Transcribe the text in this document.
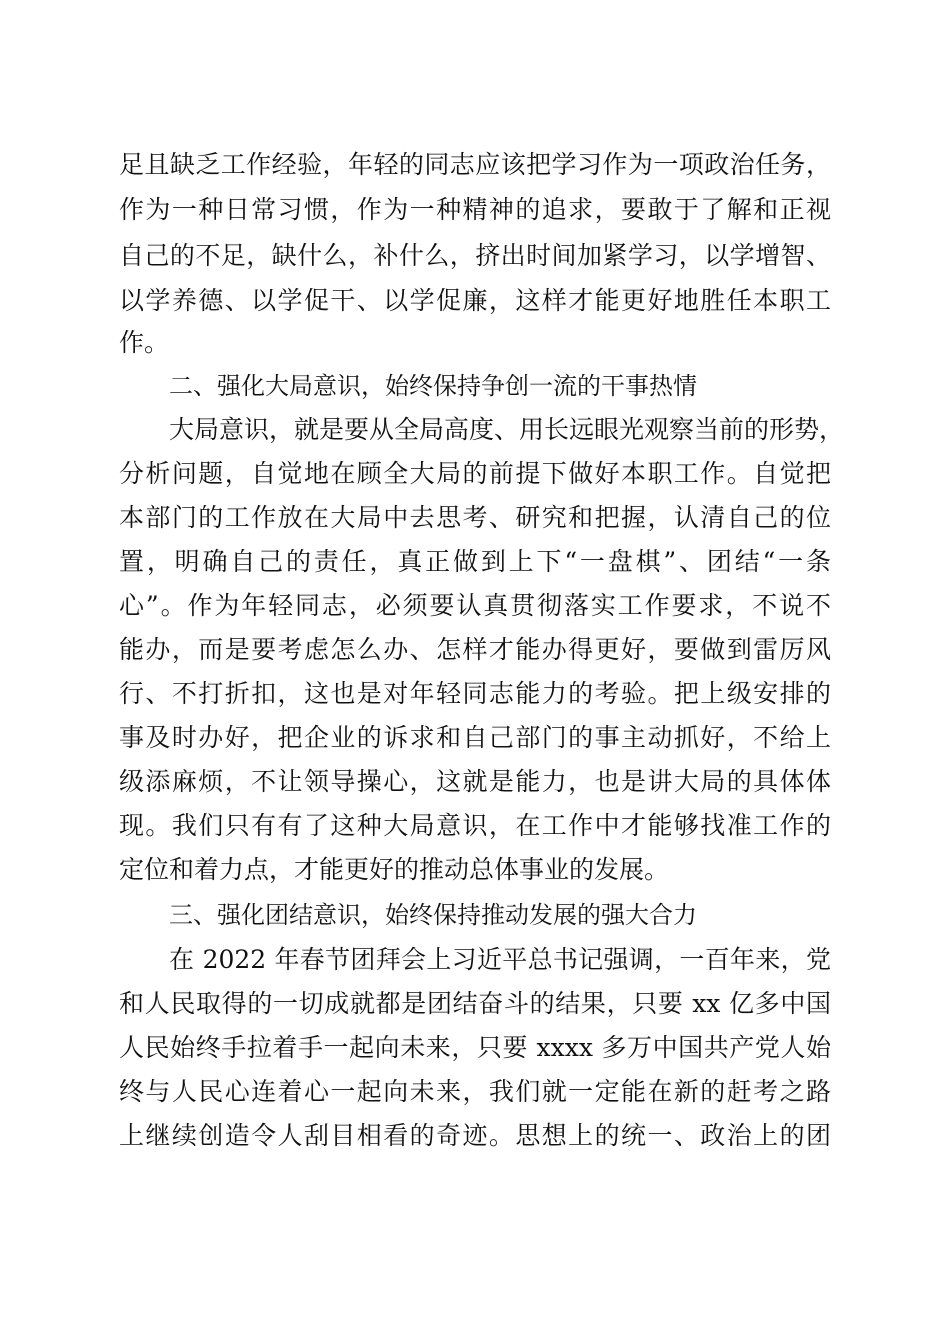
足且缺乏工作经验，年轻的同志应该把学习作为一项政治任务，
作为一种日常习惯，作为一种精神的追求，要敢于了解和正视
自己的不足，缺什么，补什么，挤出时间加紧学习，以学增智、
以学养德、以学促干、以学促廉，这样才能更好地胜任本职工
作。
二、强化大局意识，始终保持争创一流的干事热情
大局意识，就是要从全局高度、用长远眼光观察当前的形势，
分析问题，自觉地在顾全大局的前提下做好本职工作。自觉把
本部门的工作放在大局中去思考、研究和把握，认清自己的位
置，明确自己的责任，真正做到上下“一盘棋”、团结“一条
心”。作为年轻同志，必须要认真贯彻落实工作要求，不说不
能办，而是要考虑怎么办、怎样才能办得更好，要做到雷厉风
行、不打折扣，这也是对年轻同志能力的考验。把上级安排的
事及时办好，把企业的诉求和自己部门的事主动抓好，不给上
级添麻烦，不让领导操心，这就是能力，也是讲大局的具体体
现。我们只有有了这种大局意识，在工作中才能够找准工作的
定位和着力点，才能更好的推动总体事业的发展。
三、强化团结意识，始终保持推动发展的强大合力
在 2022 年春节团拜会上习近平总书记强调，一百年来，党
和人民取得的一切成就都是团结奋斗的结果，只要 xx 亿多中国
人民始终手拉着手一起向未来，只要 xxxx 多万中国共产党人始
终与人民心连着心一起向未来，我们就一定能在新的赶考之路
上继续创造令人刮目相看的奇迹。思想上的统一、政治上的团
